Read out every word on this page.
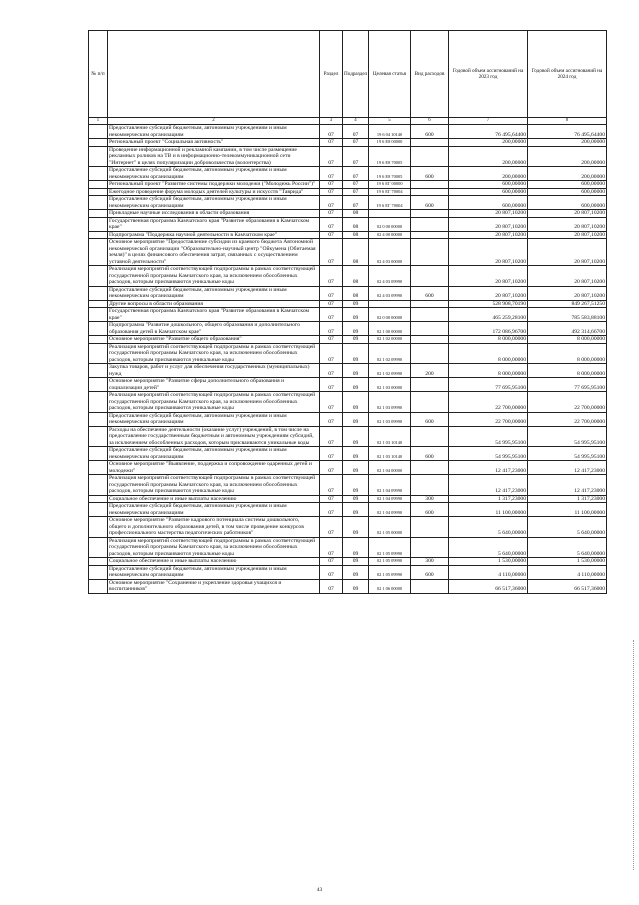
№ п/п		Раздел	Подраздел	Целевая статья	Вид расходов	Годовой объем ассигнований на 2023 год	Годовой объем ассигнований на 2024 год
1	2	3	4	5	6	7	8
	Предоставление субсидий бюджетным, автономным учреждениям и иным некоммерческим организациям	07	07	19 6 04 10140	600	76 495,64400	76 495,64400
	Региональный проект "Социальная активность"	07	07	19 6 Е8 00000		200,00000	200,00000
	Проведение информационной и рекламной кампании, в том числе размещение рекламных роликов на ТВ и в информационно-телекоммуникационной сети "Интернет" в целях популяризации добровольчества (волонтерства)	07	07	19 6 Е8 70005		200,00000	200,00000
	Предоставление субсидий бюджетным, автономным учреждениям и иным некоммерческим организациям	07	07	19 6 Е8 70005	600	200,00000	200,00000
	Региональный проект "Развитие системы поддержки молодежи ("Молодежь России")"	07	07	19 6 ЕГ 00000		600,00000	600,00000
	Ежегодное проведение форума молодых деятелей культуры и искусств "Таврида"	07	07	19 6 ЕГ 70004		600,00000	600,00000
	Предоставление субсидий бюджетным, автономным учреждениям и иным некоммерческим организациям	07	07	19 6 ЕГ 70004	600	600,00000	600,00000
	Прикладные научные исследования в области образования	07	08			20 807,10200	20 807,10200
	Государственная программа Камчатского края "Развитие образования в Камчатском крае"	07	08	02 0 00 00000		20 807,10200	20 807,10200
	Подпрограмма "Поддержка научной деятельности в Камчатском крае"	07	08	02 4 00 00000		20 807,10200	20 807,10200
	Основное мероприятие "Предоставление субсидии из краевого бюджета Автономной некоммерческой организации "Образовательно-научный центр "Ойкумена (Обитаемая земля)" в целях финансового обеспечения затрат, связанных с осуществлением уставной деятельности"	07	08	02 4 03 00000		20 807,10200	20 807,10200
	Реализация мероприятий соответствующей подпрограммы в рамках соответствующей государственной программы Камчатского края, за исключением обособленных расходов, которым присваиваются уникальные коды	07	08	02 4 03 09990		20 807,10200	20 807,10200
	Предоставление субсидий бюджетным, автономным учреждениям и иным некоммерческим организациям	07	08	02 4 03 09990	600	20 807,10200	20 807,10200
	Другие вопросы в области образования	07	09			528 908,70190	849 267,51250
	Государственная программа Камчатского края "Развитие образования в Камчатском крае"	07	09	02 0 00 00000		465 259,28100	785 583,88100
	Подпрограмма "Развитие дошкольного, общего образования и дополнительного образования детей в Камчатском крае"	07	09	02 1 00 00000		172 086,96700	492 314,66700
	Основное мероприятие "Развитие общего образования"	07	09	02 1 02 00000		8 000,00000	8 000,00000
	Реализация мероприятий соответствующей подпрограммы в рамках соответствующей государственной программы Камчатского края, за исключением обособленных расходов, которым присваиваются уникальные коды	07	09	02 1 02 09990		8 000,00000	8 000,00000
	Закупка товаров, работ и услуг для обеспечения государственных (муниципальных) нужд	07	09	02 1 02 09990	200	8 000,00000	8 000,00000
	Основное мероприятие "Развитие сферы дополнительного образования и социализации детей"	07	09	02 1 03 00000		77 695,95100	77 695,95100
	Реализация мероприятий соответствующей подпрограммы в рамках соответствующей государственной программы Камчатского края, за исключением обособленных расходов, которым присваиваются уникальные коды	07	09	02 1 03 09990		22 700,00000	22 700,00000
	Предоставление субсидий бюджетным, автономным учреждениям и иным некоммерческим организациям	07	09	02 1 03 09990	600	22 700,00000	22 700,00000
	Расходы на обеспечение деятельности (оказание услуг) учреждений, в том числе на предоставление государственным бюджетным и автономным учреждениям субсидий, за исключением обособленных расходов, которым присваиваются уникальные коды	07	09	02 1 03 10140		54 995,95100	54 995,95100
	Предоставление субсидий бюджетным, автономным учреждениям и иным некоммерческим организациям	07	09	02 1 03 10140	600	54 995,95100	54 995,95100
	Основное мероприятие "Выявление, поддержка и сопровождение одаренных детей и молодежи"	07	09	02 1 04 00000		12 417,23000	12 417,23000
	Реализация мероприятий соответствующей подпрограммы в рамках соответствующей государственной программы Камчатского края, за исключением обособленных расходов, которым присваиваются уникальные коды	07	09	02 1 04 09990		12 417,23000	12 417,23000
	Социальное обеспечение и иные выплаты населению	07	09	02 1 04 09990	300	1 317,23000	1 317,23000
	Предоставление субсидий бюджетным, автономным учреждениям и иным некоммерческим организациям	07	09	02 1 04 09990	600	11 100,00000	11 100,00000
	Основное мероприятие "Развитие кадрового потенциала системы дошкольного, общего и дополнительного образования детей, в том числе проведение конкурсов профессионального мастерства педагогических работников"	07	09	02 1 05 00000		5 640,00000	5 640,00000
	Реализация мероприятий соответствующей подпрограммы в рамках соответствующей государственной программы Камчатского края, за исключением обособленных расходов, которым присваиваются уникальные коды	07	09	02 1 05 09990		5 640,00000	5 640,00000
	Социальное обеспечение и иные выплаты населению	07	09	02 1 05 09990	300	1 530,00000	1 530,00000
	Предоставление субсидий бюджетным, автономным учреждениям и иным некоммерческим организациям	07	09	02 1 05 09990	600	4 110,00000	4 110,00000
	Основное мероприятие "Сохранение и укрепление здоровья учащихся и воспитанников"	07	09	02 1 06 00000		66 517,36000	66 517,36000
43
